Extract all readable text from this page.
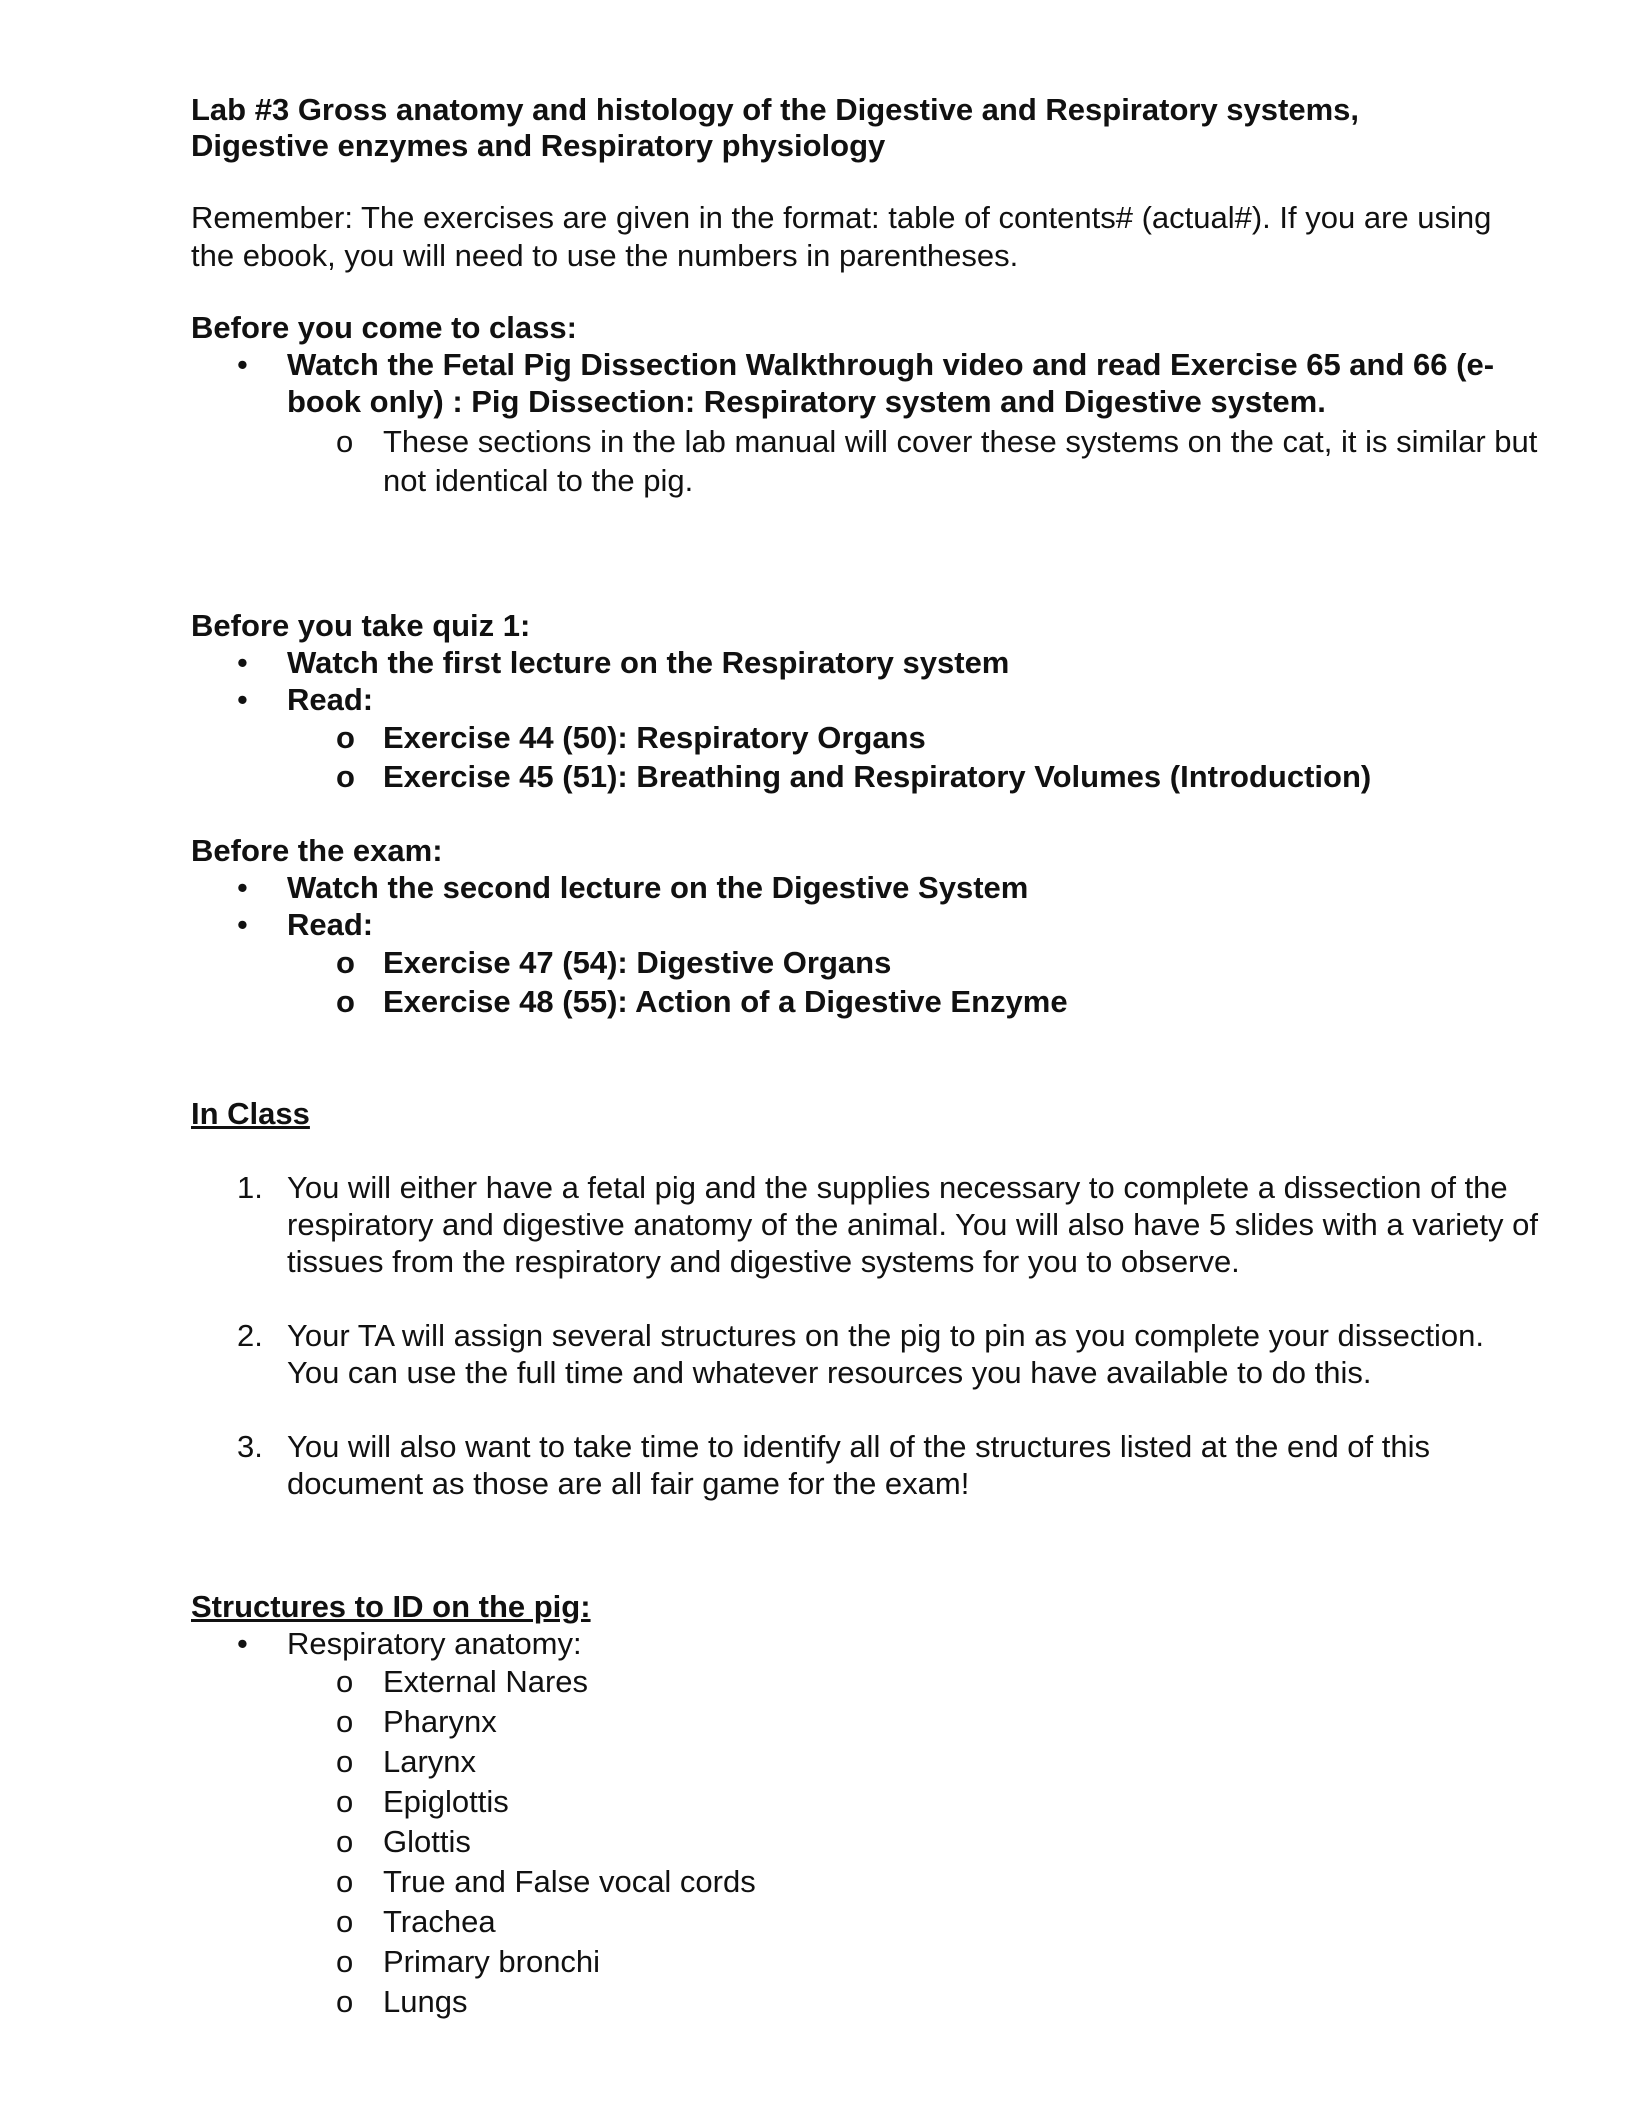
Lab #3 Gross anatomy and histology of the Digestive and Respiratory systems,
Digestive enzymes and Respiratory physiology
Remember: The exercises are given in the format: table of contents# (actual#). If you are using the ebook, you will need to use the numbers in parentheses.
Before you come to class:
• Watch the Fetal Pig Dissection Walkthrough video and read Exercise 65 and 66 (e-book only) : Pig Dissection: Respiratory system and Digestive system.
o These sections in the lab manual will cover these systems on the cat, it is similar but not identical to the pig.
Before you take quiz 1:
• Watch the first lecture on the Respiratory system
• Read:
o Exercise 44 (50): Respiratory Organs
o Exercise 45 (51): Breathing and Respiratory Volumes (Introduction)
Before the exam:
• Watch the second lecture on the Digestive System
• Read:
o Exercise 47 (54): Digestive Organs
o Exercise 48 (55): Action of a Digestive Enzyme
In Class
1. You will either have a fetal pig and the supplies necessary to complete a dissection of the respiratory and digestive anatomy of the animal. You will also have 5 slides with a variety of tissues from the respiratory and digestive systems for you to observe.
2. Your TA will assign several structures on the pig to pin as you complete your dissection. You can use the full time and whatever resources you have available to do this.
3. You will also want to take time to identify all of the structures listed at the end of this document as those are all fair game for the exam!
Structures to ID on the pig:
• Respiratory anatomy:
o External Nares
o Pharynx
o Larynx
o Epiglottis
o Glottis
o True and False vocal cords
o Trachea
o Primary bronchi
o Lungs
